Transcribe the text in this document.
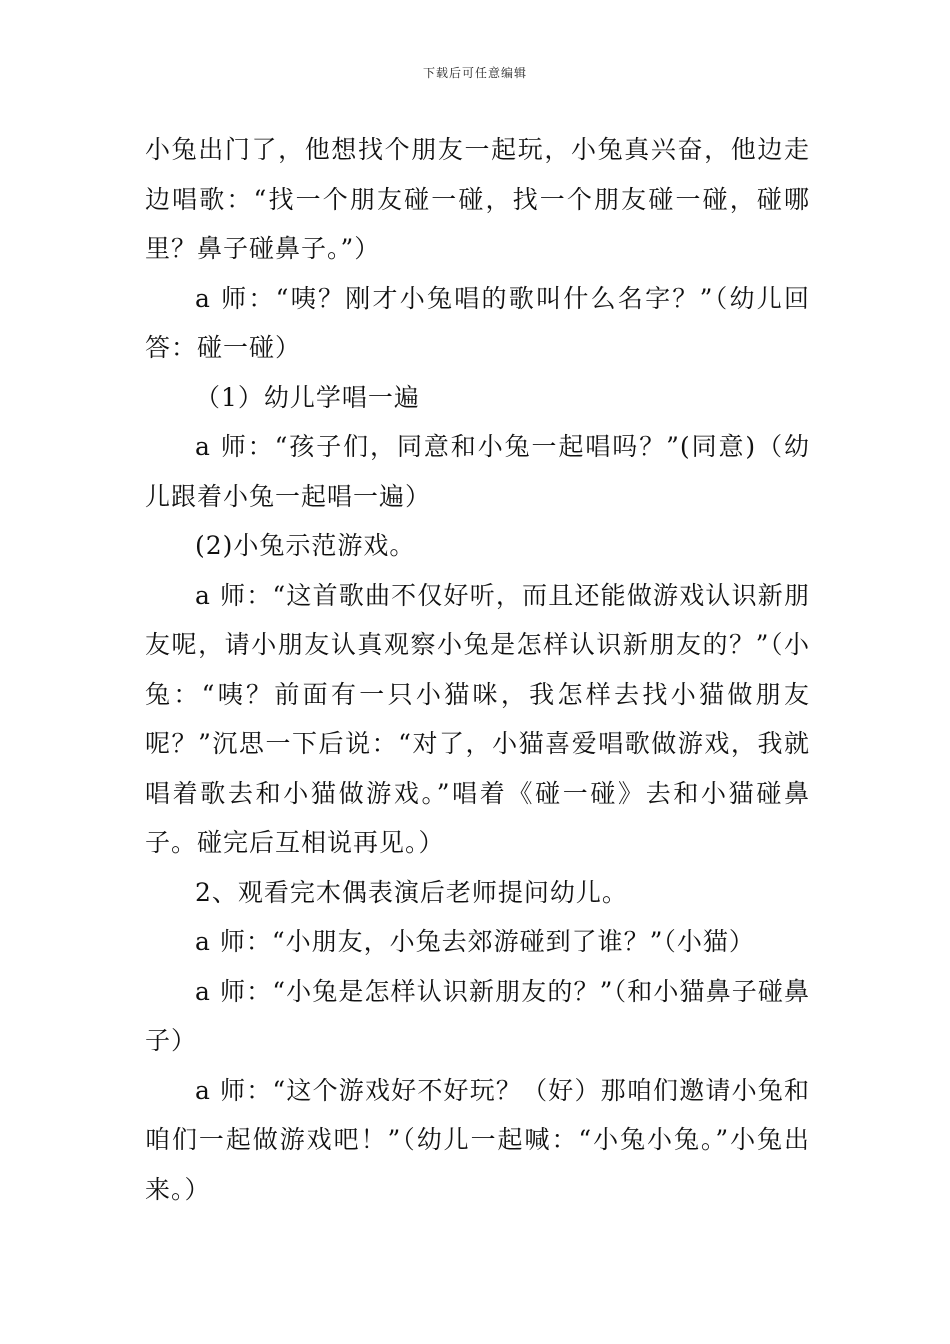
下载后可任意编辑

小兔出门了，他想找个朋友一起玩，小兔真兴奋，他边走边唱歌：“找一个朋友碰一碰，找一个朋友碰一碰，碰哪里？鼻子碰鼻子。”）

a 师：“咦？刚才小兔唱的歌叫什么名字？”（幼儿回答：碰一碰）

（1）幼儿学唱一遍

a 师：“孩子们，同意和小兔一起唱吗？”(同意)（幼儿跟着小兔一起唱一遍）

(2)小兔示范游戏。

a 师：“这首歌曲不仅好听，而且还能做游戏认识新朋友呢，请小朋友认真观察小兔是怎样认识新朋友的？”（小兔：“咦？前面有一只小猫咪，我怎样去找小猫做朋友呢？”沉思一下后说：“对了，小猫喜爱唱歌做游戏，我就唱着歌去和小猫做游戏。”唱着《碰一碰》去和小猫碰鼻子。碰完后互相说再见。）

2、观看完木偶表演后老师提问幼儿。

a 师：“小朋友，小兔去郊游碰到了谁？”（小猫）

a 师：“小兔是怎样认识新朋友的？”（和小猫鼻子碰鼻子）

a 师：“这个游戏好不好玩？（好）那咱们邀请小兔和咱们一起做游戏吧！”（幼儿一起喊：“小兔小兔。”小兔出来。）
